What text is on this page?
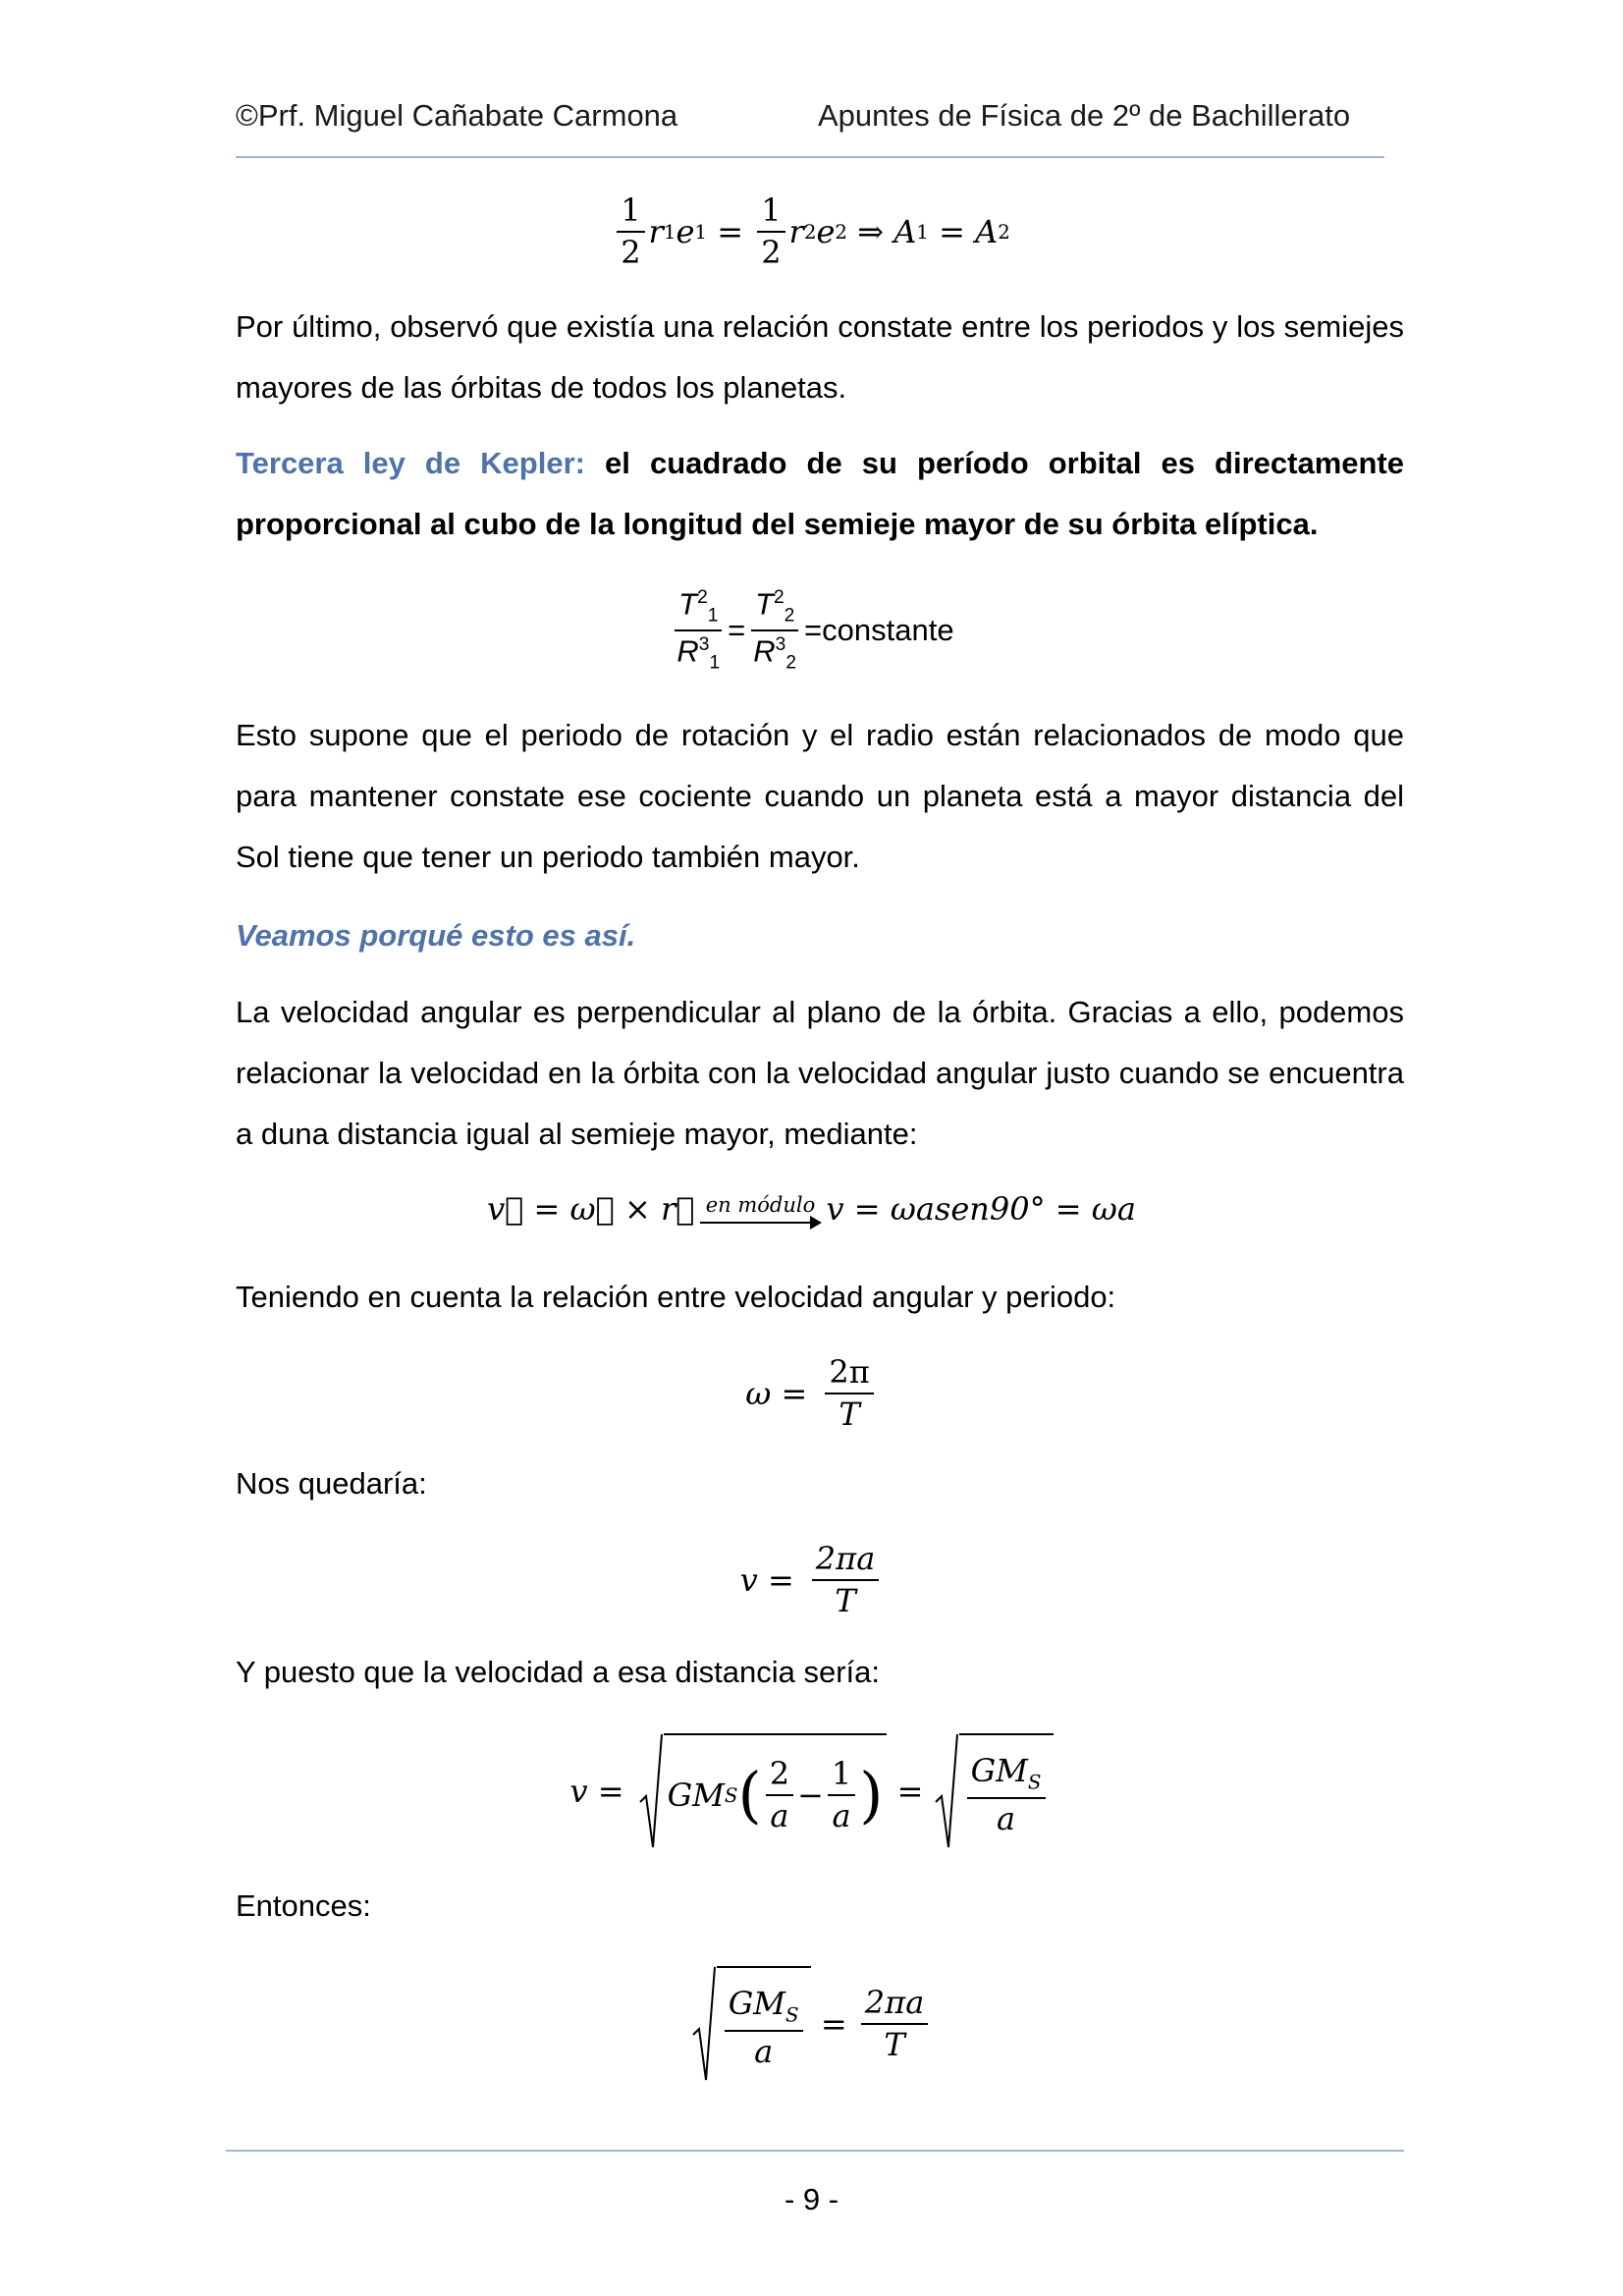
©Prf. Miguel Cañabate Carmona	Apuntes de Física de 2º de Bachillerato
$\frac{1}{2}$ r 1 e $1 = \frac{1}{2}$ r 2 e 2 ⇒ A 1 = A 2
Por último, observó que existía una relación constate entre los periodos y los semiejes mayores de las órbitas de todos los planetas.
Tercera ley de Kepler: el cuadrado de su período orbital es directamente proporcional al cubo de la longitud del semieje mayor de su órbita elíptica.
$\frac{T^2_1}{R^3_1} = \frac{T^2_2}{R^3_2}$ = constante
Esto supone que el periodo de rotación y el radio están relacionados de modo que para mantener constate ese cociente cuando un planeta está a mayor distancia del Sol tiene que tener un periodo también mayor.
Veamos porqué esto es así.
La velocidad angular es perpendicular al plano de la órbita. Gracias a ello, podemos relacionar la velocidad en la órbita con la velocidad angular justo cuando se encuentra a duna distancia igual al semieje mayor, mediante:
v⃗ = ω⃗ × r⃗ en módulo v = ωasen90° = ωa
Teniendo en cuenta la relación entre velocidad angular y periodo:
$\omega = \frac{2\pi}{T}$
Nos quedaría:
$v = \frac{2\pi a}{T}$
Y puesto que la velocidad a esa distancia sería:
v = GM S ( $\frac{2}{a} - \frac{1}{a}$ ) = $\frac{GM_S}{a}$
Entonces:
$\frac{GM_S}{a} = \frac{2\pi a}{T}$
- 9 -
